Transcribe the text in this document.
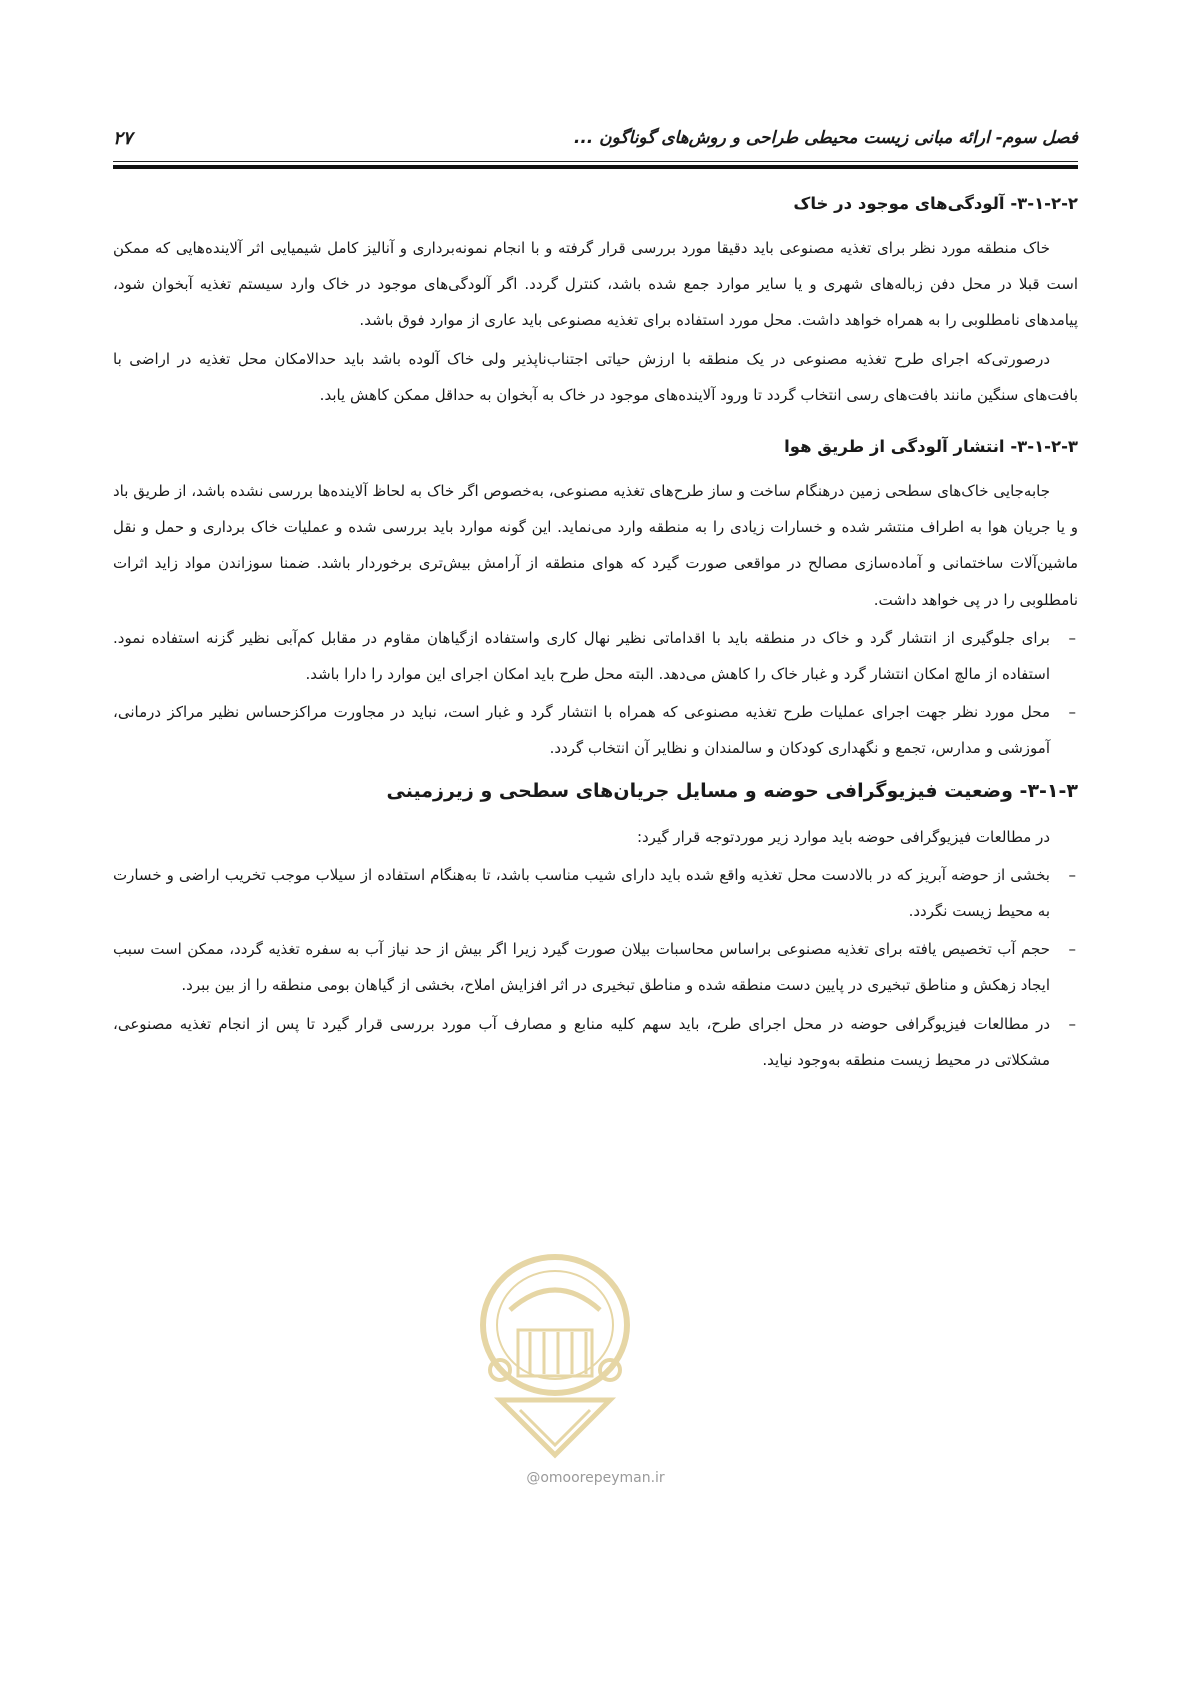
فصل سوم- ارائه مبانی زیست محیطی طراحی و روش‌های گوناگون ...
۲۷
۳-۱-۲-۲- آلودگی‌های موجود در خاک

خاک منطقه مورد نظر برای تغذیه مصنوعی باید دقیقا مورد بررسی قرار گرفته و با انجام نمونه‌برداری و آنالیز کامل شیمیایی اثر آلاینده‌هایی که ممکن است قبلا در محل دفن زباله‌های شهری و یا سایر موارد جمع شده باشد، کنترل گردد. اگر آلودگی‌های موجود در خاک وارد سیستم تغذیه آبخوان شود، پیامدهای نامطلوبی را به همراه خواهد داشت. محل مورد استفاده برای تغذیه مصنوعی باید عاری از موارد فوق باشد.

درصورتی‌که اجرای طرح تغذیه مصنوعی در یک منطقه با ارزش حیاتی اجتناب‌ناپذیر ولی خاک آلوده باشد باید حدالامکان محل تغذیه در اراضی با بافت‌های سنگین مانند بافت‌های رسی انتخاب گردد تا ورود آلاینده‌های موجود در خاک به آبخوان به حداقل ممکن کاهش یابد.

۳-۱-۲-۳- انتشار آلودگی از طریق هوا

جابه‌جایی خاک‌های سطحی زمین درهنگام ساخت و ساز طرح‌های تغذیه مصنوعی، به‌خصوص اگر خاک به لحاظ آلاینده‌ها بررسی نشده باشد، از طریق باد و یا جریان هوا به اطراف منتشر شده و خسارات زیادی را به منطقه وارد می‌نماید. این گونه موارد باید بررسی شده و عملیات خاک برداری و حمل و نقل ماشین‌آلات ساختمانی و آماده‌سازی مصالح در مواقعی صورت گیرد که هوای منطقه از آرامش بیش‌تری برخوردار باشد. ضمنا سوزاندن مواد زاید اثرات نامطلوبی را در پی خواهد داشت.

–
برای جلوگیری از انتشار گرد و خاک در منطقه باید با اقداماتی نظیر نهال کاری واستفاده ازگیاهان مقاوم در مقابل کم‌آبی نظیر گزنه استفاده نمود. استفاده از مالچ امکان انتشار گرد و غبار خاک را کاهش می‌دهد. البته محل طرح باید امکان اجرای این موارد را دارا باشد.
–
محل مورد نظر جهت اجرای عملیات طرح تغذیه مصنوعی که همراه با انتشار گرد و غبار است، نباید در مجاورت مراکزحساس نظیر مراکز درمانی، آموزشی و مدارس، تجمع و نگهداری کودکان و سالمندان و نظایر آن انتخاب گردد.
۳-۱-۳- وضعیت فیزیوگرافی حوضه و مسایل جریان‌های سطحی و زیرزمینی

در مطالعات فیزیوگرافی حوضه باید موارد زیر موردتوجه قرار گیرد:

–
بخشی از حوضه آبریز که در بالادست محل تغذیه واقع شده باید دارای شیب مناسب باشد، تا به‌هنگام استفاده از سیلاب موجب تخریب اراضی و خسارت به محیط زیست نگردد.
–
حجم آب تخصیص یافته برای تغذیه مصنوعی براساس محاسبات بیلان صورت گیرد زیرا اگر بیش از حد نیاز آب به سفره تغذیه گردد، ممکن است سبب ایجاد زهکش و مناطق تبخیری در پایین دست منطقه شده و مناطق تبخیری در اثر افزایش املاح، بخشی از گیاهان بومی منطقه را از بین ببرد.
–
در مطالعات فیزیوگرافی حوضه در محل اجرای طرح، باید سهم کلیه منابع و مصارف آب مورد بررسی قرار گیرد تا پس از انجام تغذیه مصنوعی، مشکلاتی در محیط زیست منطقه به‌وجود نیاید.
@omoorepeyman.ir
